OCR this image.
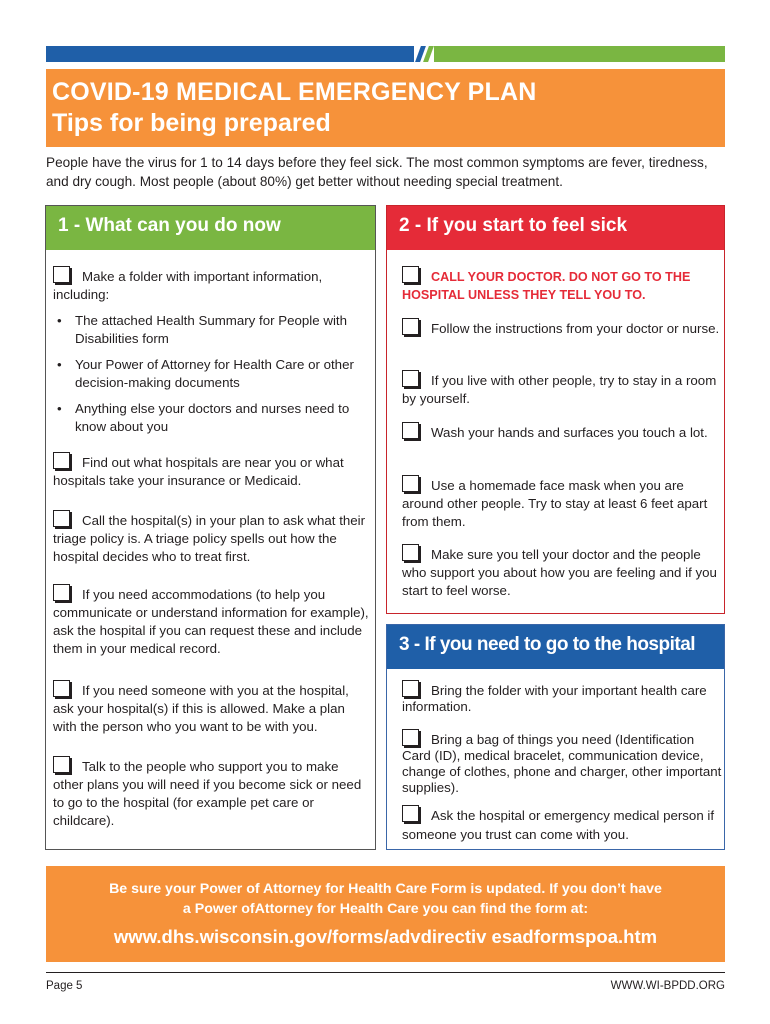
COVID-19 MEDICAL EMERGENCY PLAN
Tips for being prepared
People have the virus for 1 to 14 days before they feel sick. The most common symptoms are fever, tiredness, and dry cough. Most people (about 80%) get better without needing special treatment.
1 - What can you do now
Make a folder with important information, including:
• The attached Health Summary for People with Disabilities form
• Your Power of Attorney for Health Care or other decision-making documents
• Anything else your doctors and nurses need to know about you
Find out what hospitals are near you or what hospitals take your insurance or Medicaid.
Call the hospital(s) in your plan to ask what their triage policy is. A triage policy spells out how the hospital decides who to treat first.
If you need accommodations (to help you communicate or understand information for example), ask the hospital if you can request these and include them in your medical record.
If you need someone with you at the hospital, ask your hospital(s) if this is allowed. Make a plan with the person who you want to be with you.
Talk to the people who support you to make other plans you will need if you become sick or need to go to the hospital (for example pet care or childcare).
2 - If you start to feel sick
CALL YOUR DOCTOR. DO NOT GO TO THE HOSPITAL UNLESS THEY TELL YOU TO.
Follow the instructions from your doctor or nurse.
If you live with other people, try to stay in a room by yourself.
Wash your hands and surfaces you touch a lot.
Use a homemade face mask when you are around other people. Try to stay at least 6 feet apart from them.
Make sure you tell your doctor and the people who support you about how you are feeling and if you start to feel worse.
3 - If you need to go to the hospital
Bring the folder with your important health care information.
Bring a bag of things you need (Identification Card (ID), medical bracelet, communication device, change of clothes, phone and charger, other important supplies).
Ask the hospital or emergency medical person if someone you trust can come with you.
Be sure your Power of Attorney for Health Care Form is updated. If you don’t have a Power ofAttorney for Health Care you can find the form at:
www.dhs.wisconsin.gov/forms/advdirectiv esadformspoa.htm
Page 5	WWW.WI-BPDD.ORG
